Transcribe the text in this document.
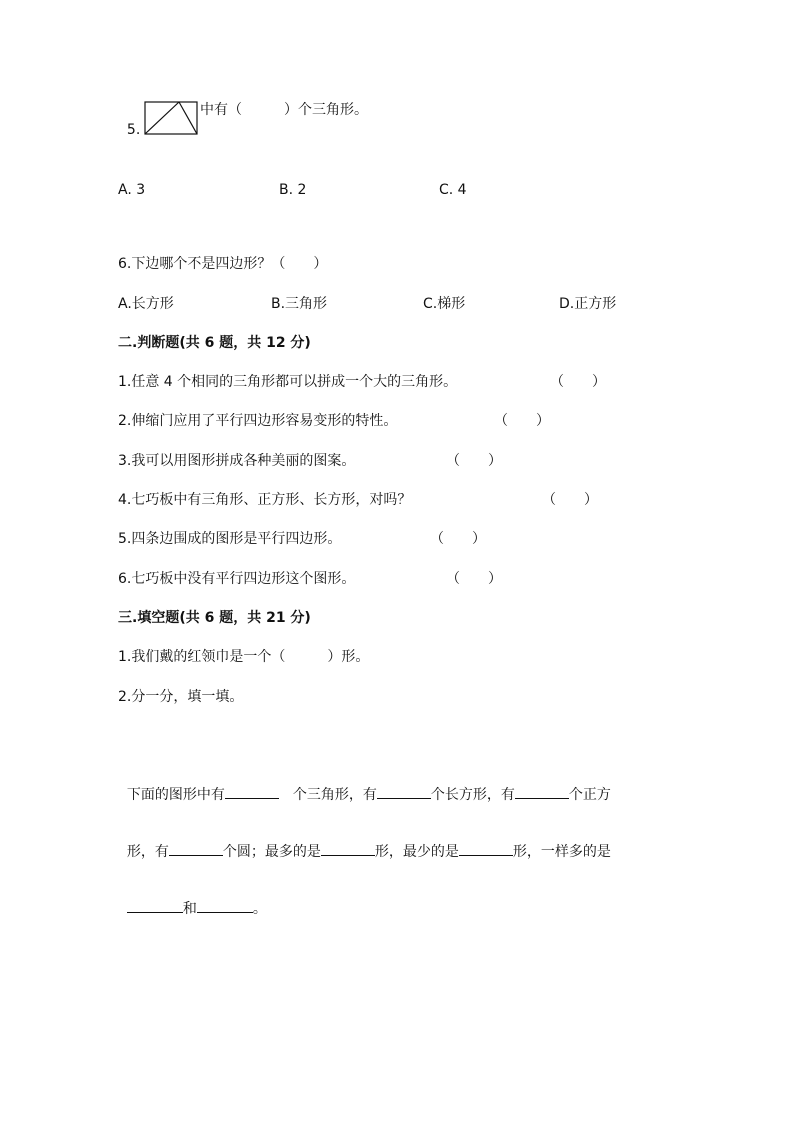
5.

中有（　　　）个三角形。

A. 3	B. 2	C. 4
6.下边哪个不是四边形？（　　）
A.长方形	B.三角形	C.梯形	D.正方形
二.判断题(共 6 题，共 12 分)
1.任意 4 个相同的三角形都可以拼成一个大的三角形。	（　　）
2.伸缩门应用了平行四边形容易变形的特性。	（　　）
3.我可以用图形拼成各种美丽的图案。	（　　）
4.七巧板中有三角形、正方形、长方形，对吗？	（　　）
5.四条边围成的图形是平行四边形。	（　　）
6.七巧板中没有平行四边形这个图形。	（　　）
三.填空题(共 6 题，共 21 分)
1.我们戴的红领巾是一个（　　　）形。
2.分一分，填一填。

下面的图形中有	个三角形，有	个长方形，有	个正方

形，有	个圆；最多的是	形，最少的是	形，一样多的是

和	。
